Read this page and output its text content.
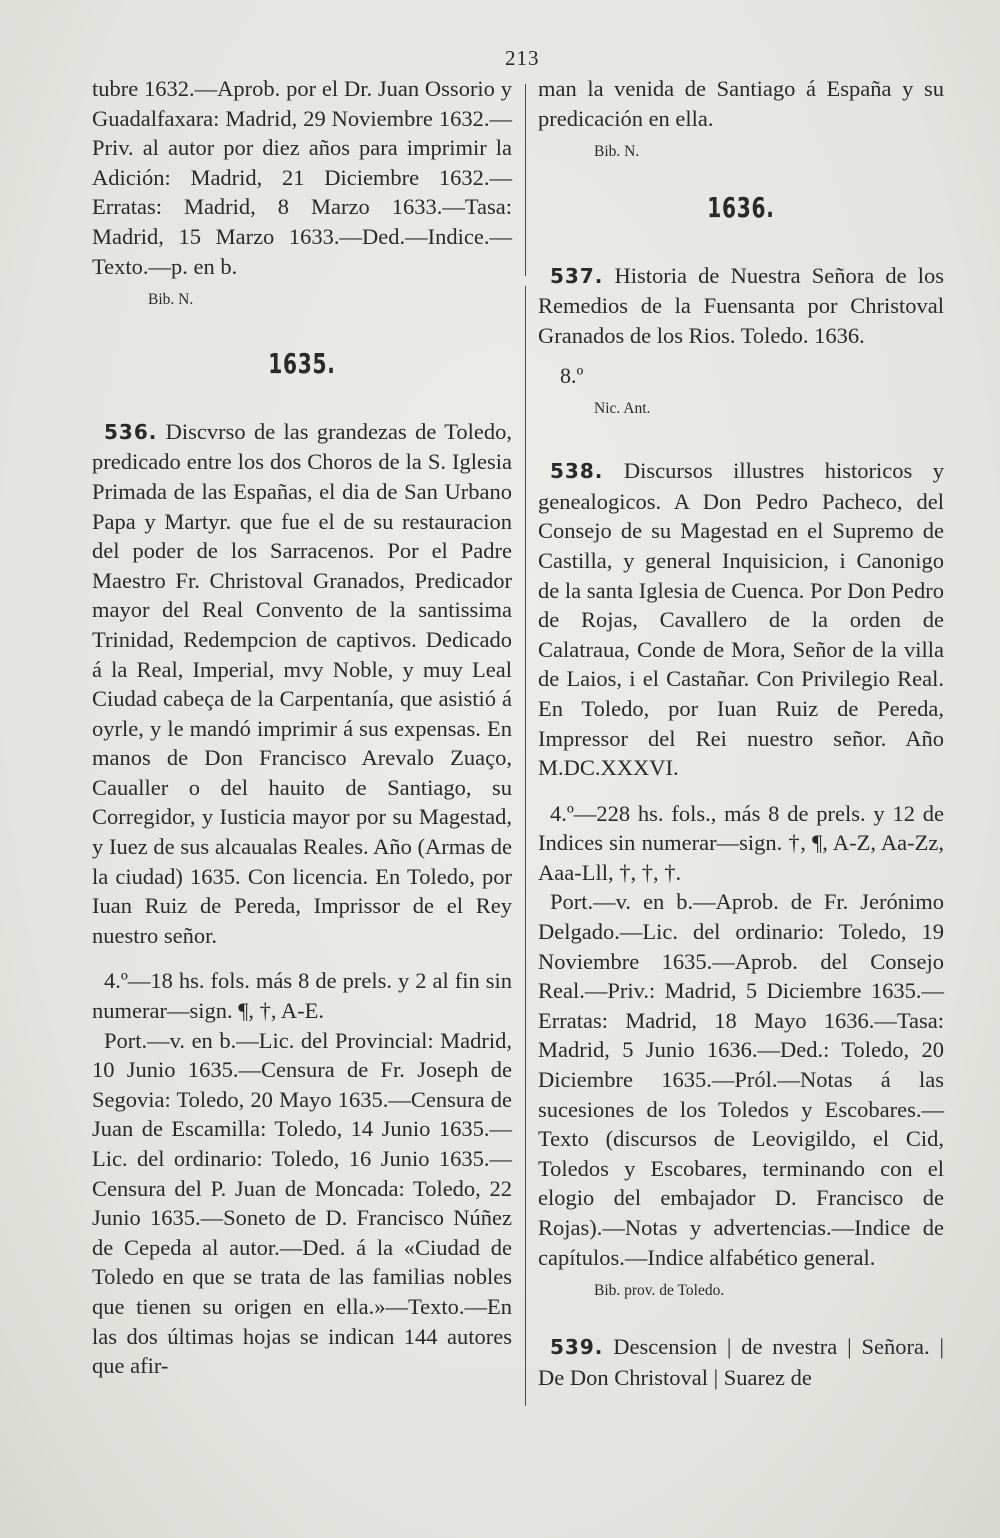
213

tubre 1632.—Aprob. por el Dr. Juan Ossorio y Guadalfaxara: Madrid, 29 Noviembre 1632.—Priv. al autor por diez años para imprimir la Adición: Madrid, 21 Diciembre 1632.—Erratas: Madrid, 8 Marzo 1633.—Tasa: Madrid, 15 Marzo 1633.—Ded.—Indice.—Texto.—p. en b.

Bib. N.

1635.

536. Discvrso de las grandezas de Toledo, predicado entre los dos Choros de la S. Iglesia Primada de las Españas, el dia de San Urbano Papa y Martyr. que fue el de su restauracion del poder de los Sarracenos. Por el Padre Maestro Fr. Christoval Granados, Predicador mayor del Real Convento de la santissima Trinidad, Redempcion de captivos. Dedicado á la Real, Imperial, mvy Noble, y muy Leal Ciudad cabeça de la Carpentanía, que asistió á oyrle, y le mandó imprimir á sus expensas. En manos de Don Francisco Arevalo Zuaço, Caualler o del hauito de Santiago, su Corregidor, y Iusticia mayor por su Magestad, y Iuez de sus alcaualas Reales. Año (Armas de la ciudad) 1635. Con licencia. En Toledo, por Iuan Ruiz de Pereda, Imprissor de el Rey nuestro señor.

4.º—18 hs. fols. más 8 de prels. y 2 al fin sin numerar—sign. ¶, †, A-E.

Port.—v. en b.—Lic. del Provincial: Madrid, 10 Junio 1635.—Censura de Fr. Joseph de Segovia: Toledo, 20 Mayo 1635.—Censura de Juan de Escamilla: Toledo, 14 Junio 1635.—Lic. del ordinario: Toledo, 16 Junio 1635.—Censura del P. Juan de Moncada: Toledo, 22 Junio 1635.—Soneto de D. Francisco Núñez de Cepeda al autor.—Ded. á la «Ciudad de Toledo en que se trata de las familias nobles que tienen su origen en ella.»—Texto.—En las dos últimas hojas se indican 144 autores que afir-

man la venida de Santiago á España y su predicación en ella.

Bib. N.

1636.

537. Historia de Nuestra Señora de los Remedios de la Fuensanta por Christoval Granados de los Rios. Toledo. 1636.

8.º

Nic. Ant.

538. Discursos illustres historicos y genealogicos. A Don Pedro Pacheco, del Consejo de su Magestad en el Supremo de Castilla, y general Inquisicion, i Canonigo de la santa Iglesia de Cuenca. Por Don Pedro de Rojas, Cavallero de la orden de Calatraua, Conde de Mora, Señor de la villa de Laios, i el Castañar. Con Privilegio Real. En Toledo, por Iuan Ruiz de Pereda, Impressor del Rei nuestro señor. Año M.DC.XXXVI.

4.º—228 hs. fols., más 8 de prels. y 12 de Indices sin numerar—sign. †, ¶, A-Z, Aa-Zz, Aaa-Lll, †, †, †.

Port.—v. en b.—Aprob. de Fr. Jerónimo Delgado.—Lic. del ordinario: Toledo, 19 Noviembre 1635.—Aprob. del Consejo Real.—Priv.: Madrid, 5 Diciembre 1635.—Erratas: Madrid, 18 Mayo 1636.—Tasa: Madrid, 5 Junio 1636.—Ded.: Toledo, 20 Diciembre 1635.—Pról.—Notas á las sucesiones de los Toledos y Escobares.—Texto (discursos de Leovigildo, el Cid, Toledos y Escobares, terminando con el elogio del embajador D. Francisco de Rojas).—Notas y advertencias.—Indice de capítulos.—Indice alfabético general.

Bib. prov. de Toledo.

539. Descension | de nvestra | Señora. | De Don Christoval | Suarez de
